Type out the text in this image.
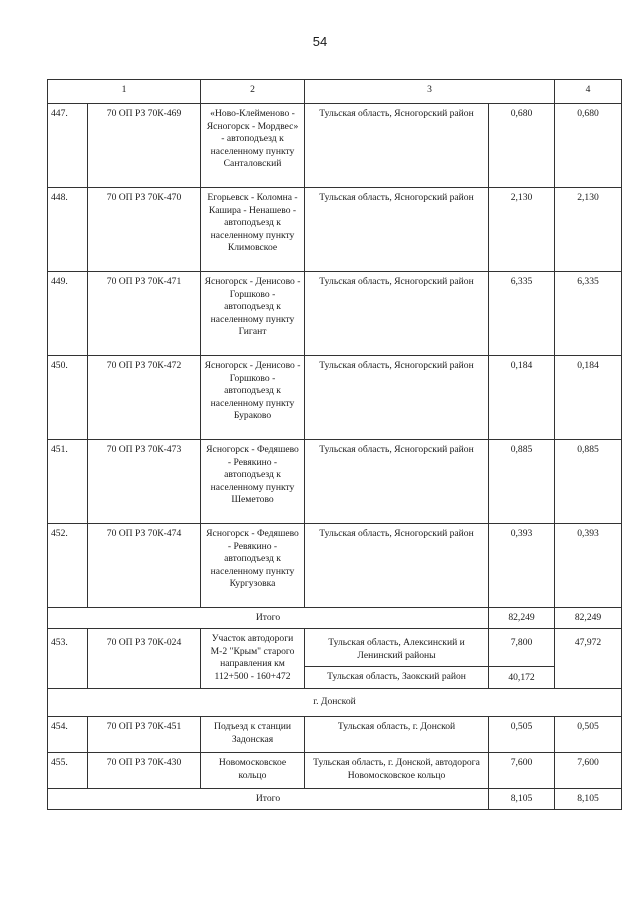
54
1		2	3		4
447.	70 ОП РЗ 70К-469	«Ново-Клейменово - Ясногорск - Мордвес» - автоподъезд к населенному пункту Санталовский	Тульская область, Ясногорский район	0,680	0,680
448.	70 ОП РЗ 70К-470	Егорьевск - Коломна - Кашира - Ненашево - автоподъезд к населенному пункту Климовское	Тульская область, Ясногорский район	2,130	2,130
449.	70 ОП РЗ 70К-471	Ясногорск - Денисово - Горшково - автоподъезд к населенному пункту Гигант	Тульская область, Ясногорский район	6,335	6,335
450.	70 ОП РЗ 70К-472	Ясногорск - Денисово - Горшково - автоподъезд к населенному пункту Бураково	Тульская область, Ясногорский район	0,184	0,184
451.	70 ОП РЗ 70К-473	Ясногорск - Федяшево - Ревякино - автоподъезд к населенному пункту Шеметово	Тульская область, Ясногорский район	0,885	0,885
452.	70 ОП РЗ 70К-474	Ясногорск - Федяшево - Ревякино - автоподъезд к населенному пункту Кургузовка	Тульская область, Ясногорский район	0,393	0,393
Итого				82,249	82,249
453.	70 ОП РЗ 70К-024	Участок автодороги М-2 "Крым" старого направления км 112+500 - 160+472	Тульская область, Алексинский и Ленинский районы	7,800	47,972
			Тульская область, Заокский район	40,172	
г. Донской					
454.	70 ОП РЗ 70К-451	Подъезд к станции Задонская	Тульская область, г. Донской	0,505	0,505
455.	70 ОП РЗ 70К-430	Новомосковское кольцо	Тульская область, г. Донской, автодорога Новомосковское кольцо	7,600	7,600
Итого				8,105	8,105
